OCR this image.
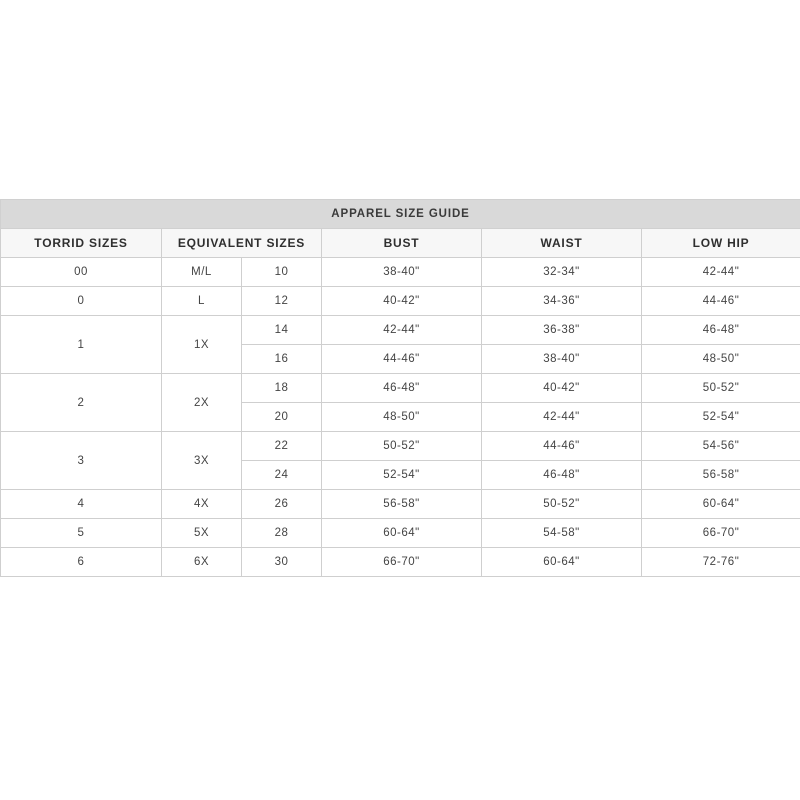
APPAREL SIZE GUIDE					
TORRID SIZES	EQUIVALENT SIZES		BUST	WAIST	LOW HIP
00	M/L	10	38-40"	32-34"	42-44"
0	L	12	40-42"	34-36"	44-46"
1	1X	14	42-44"	36-38"	46-48"
		16	44-46"	38-40"	48-50"
2	2X	18	46-48"	40-42"	50-52"
		20	48-50"	42-44"	52-54"
3	3X	22	50-52"	44-46"	54-56"
		24	52-54"	46-48"	56-58"
4	4X	26	56-58"	50-52"	60-64"
5	5X	28	60-64"	54-58"	66-70"
6	6X	30	66-70"	60-64"	72-76"
